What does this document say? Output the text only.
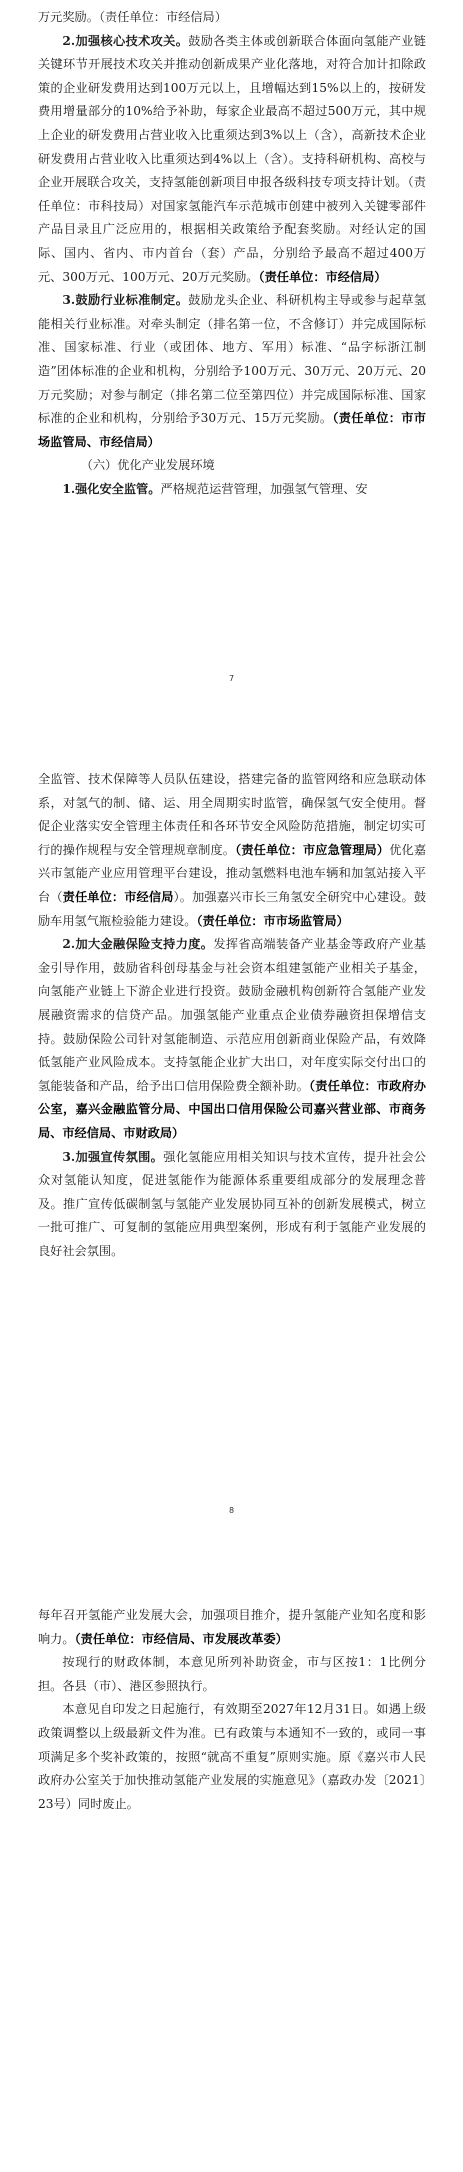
万元奖励。（责任单位：市经信局）

2.加强核心技术攻关。鼓励各类主体或创新联合体面向氢能产业链关键环节开展技术攻关并推动创新成果产业化落地，对符合加计扣除政策的企业研发费用达到100万元以上，且增幅达到15%以上的，按研发费用增量部分的10%给予补助，每家企业最高不超过500万元，其中规上企业的研发费用占营业收入比重须达到3%以上（含），高新技术企业研发费用占营业收入比重须达到4%以上（含）。支持科研机构、高校与企业开展联合攻关，支持氢能创新项目申报各级科技专项支持计划。（责任单位：市科技局）对国家氢能汽车示范城市创建中被列入关键零部件产品目录且广泛应用的，根据相关政策给予配套奖励。对经认定的国际、国内、省内、市内首台（套）产品，分别给予最高不超过400万元、300万元、100万元、20万元奖励。（责任单位：市经信局）

3.鼓励行业标准制定。鼓励龙头企业、科研机构主导或参与起草氢能相关行业标准。对牵头制定（排名第一位，不含修订）并完成国际标准、国家标准、行业（或团体、地方、军用）标准、“品字标浙江制造”团体标准的企业和机构，分别给予100万元、30万元、20万元、20万元奖励；对参与制定（排名第二位至第四位）并完成国际标准、国家标准的企业和机构，分别给予30万元、15万元奖励。（责任单位：市市场监管局、市经信局）

（六）优化产业发展环境

1.强化安全监管。严格规范运营管理，加强氢气管理、安

7

全监管、技术保障等人员队伍建设，搭建完备的监管网络和应急联动体系，对氢气的制、储、运、用全周期实时监管，确保氢气安全使用。督促企业落实安全管理主体责任和各环节安全风险防范措施，制定切实可行的操作规程与安全管理规章制度。（责任单位：市应急管理局）优化嘉兴市氢能产业应用管理平台建设，推动氢燃料电池车辆和加氢站接入平台（责任单位：市经信局）。加强嘉兴市长三角氢安全研究中心建设。鼓励车用氢气瓶检验能力建设。（责任单位：市市场监管局）

2.加大金融保险支持力度。发挥省高端装备产业基金等政府产业基金引导作用，鼓励省科创母基金与社会资本组建氢能产业相关子基金，向氢能产业链上下游企业进行投资。鼓励金融机构创新符合氢能产业发展融资需求的信贷产品。加强氢能产业重点企业债券融资担保增信支持。鼓励保险公司针对氢能制造、示范应用创新商业保险产品，有效降低氢能产业风险成本。支持氢能企业扩大出口，对年度实际交付出口的氢能装备和产品，给予出口信用保险费全额补助。（责任单位：市政府办公室，嘉兴金融监管分局、中国出口信用保险公司嘉兴营业部、市商务局、市经信局、市财政局）

3.加强宣传氛围。强化氢能应用相关知识与技术宣传，提升社会公众对氢能认知度，促进氢能作为能源体系重要组成部分的发展理念普及。推广宣传低碳制氢与氢能产业发展协同互补的创新发展模式，树立一批可推广、可复制的氢能应用典型案例，形成有利于氢能产业发展的良好社会氛围。

8

每年召开氢能产业发展大会，加强项目推介，提升氢能产业知名度和影响力。（责任单位：市经信局、市发展改革委）

按现行的财政体制，本意见所列补助资金，市与区按1：1比例分担。各县（市）、港区参照执行。

本意见自印发之日起施行，有效期至2027年12月31日。如遇上级政策调整以上级最新文件为准。已有政策与本通知不一致的，或同一事项满足多个奖补政策的，按照“就高不重复”原则实施。原《嘉兴市人民政府办公室关于加快推动氢能产业发展的实施意见》（嘉政办发〔2021〕23号）同时废止。
